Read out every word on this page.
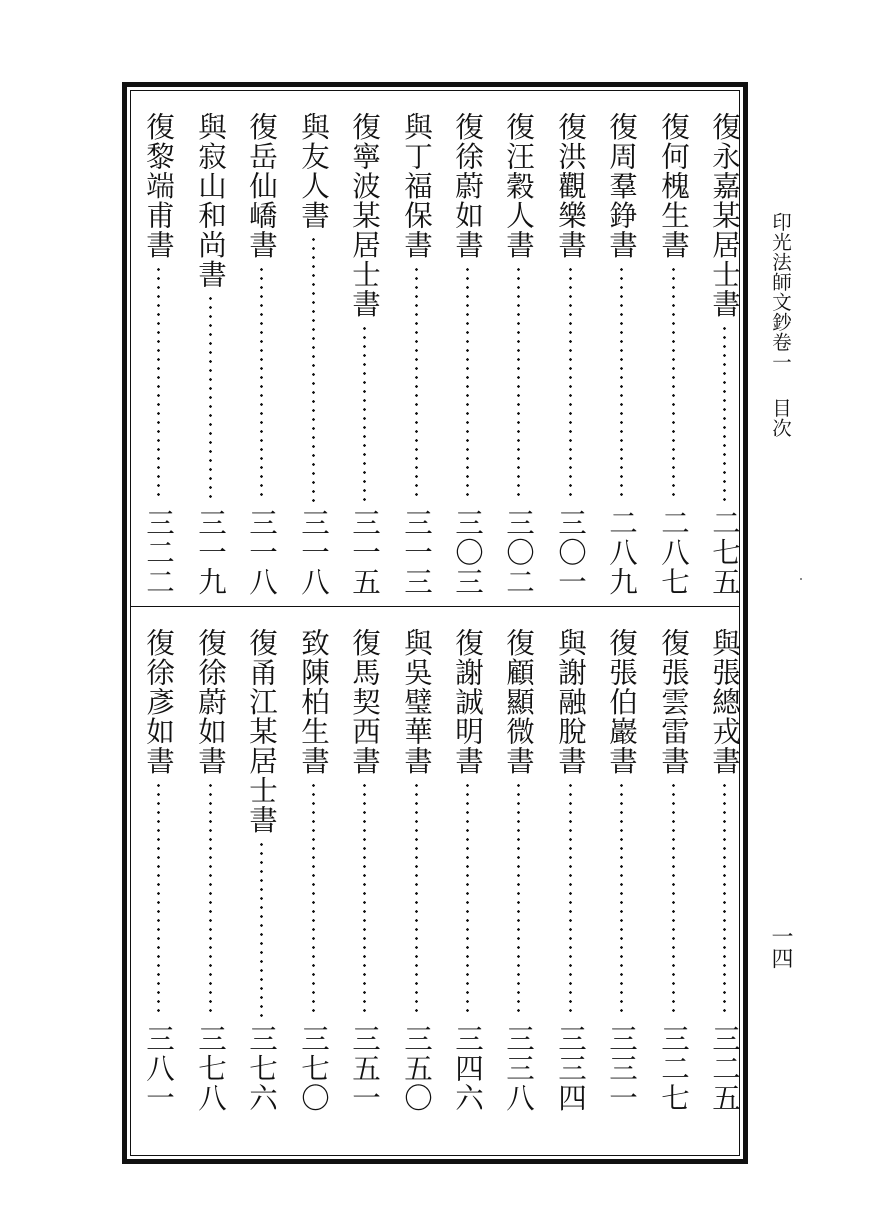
印光法師文鈔卷一
目次
一四
復永嘉某居士書
二七五
復何槐生書
二八七
復周羣錚書
二八九
復洪觀樂書
三〇一
復汪穀人書
三〇二
復徐蔚如書
三〇三
與丁福保書
三一三
復寧波某居士書
三一五
與友人書
三一八
復岳仙嶠書
三一八
與寂山和尚書
三一九
復黎端甫書
三二二
與張總戎書
三二五
復張雲雷書
三二七
復張伯巖書
三三一
與謝融脫書
三三四
復顧顯微書
三三八
復謝誠明書
三四六
與吳璧華書
三五〇
復馬契西書
三五一
致陳柏生書
三七〇
復甬江某居士書
三七六
復徐蔚如書
三七八
復徐彥如書
三八一
